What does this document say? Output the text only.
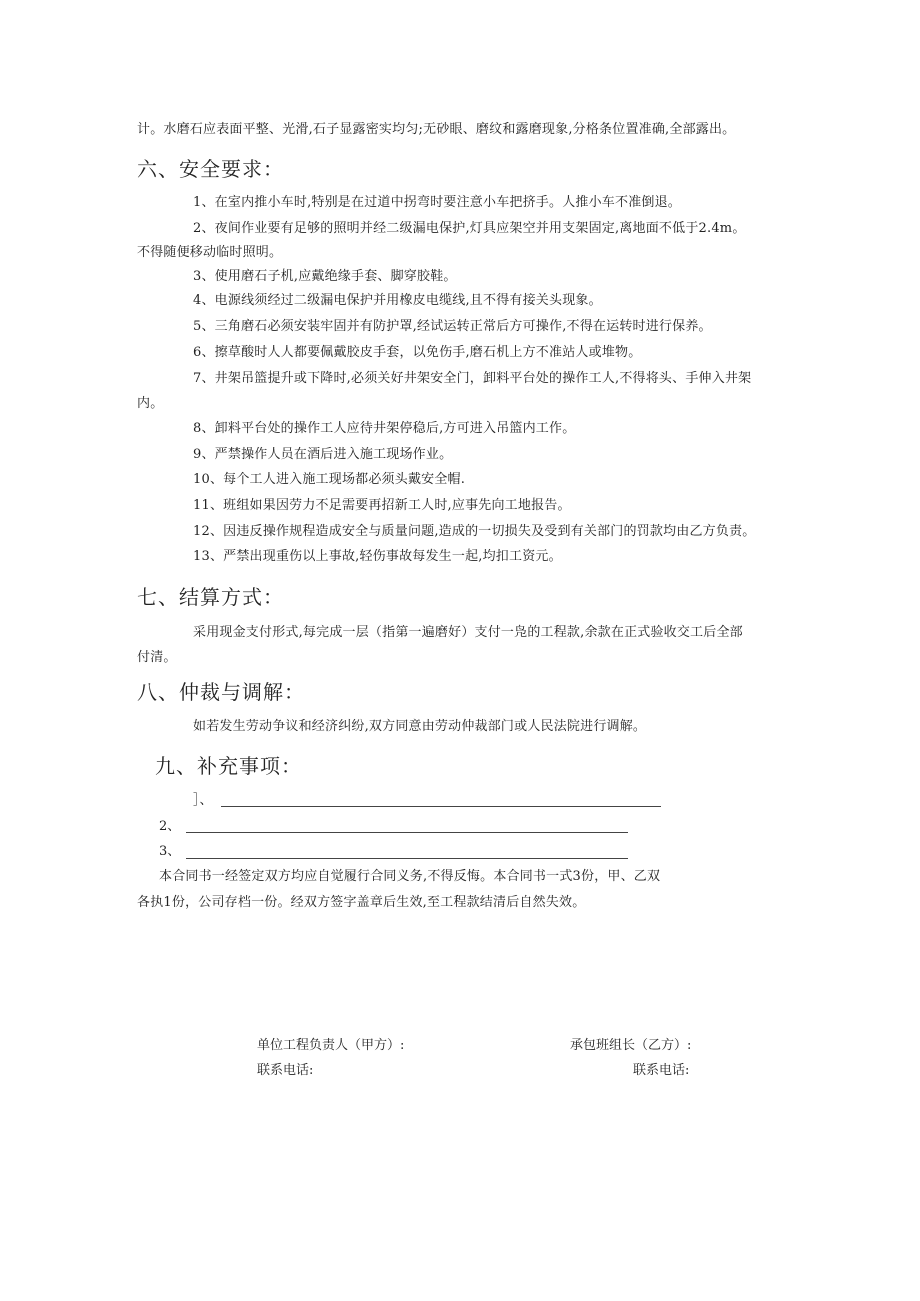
计。水磨石应表面平整、光滑,石子显露密实均匀;无砂眼、磨纹和露磨现象,分格条位置准确,全部露出。
六、安全要求：
1、在室内推小车时,特别是在过道中拐弯时要注意小车把挤手。人推小车不准倒退。
2、夜间作业要有足够的照明并经二级漏电保护,灯具应架空并用支架固定,离地面不低于2.4m。
不得随便移动临时照明。
3、使用磨石子机,应戴绝缘手套、脚穿胶鞋。
4、电源线须经过二级漏电保护并用橡皮电缆线,且不得有接关头现象。
5、三角磨石必须安装牢固并有防护罩,经试运转正常后方可操作,不得在运转时进行保养。
6、擦草酸时人人都要佩戴胶皮手套，以免伤手,磨石机上方不准站人或堆物。
7、井架吊篮提升或下降时,必须关好井架安全门，卸料平台处的操作工人,不得将头、手伸入井架
内。
8、卸料平台处的操作工人应待井架停稳后,方可进入吊篮内工作。
9、严禁操作人员在酒后进入施工现场作业。
10、每个工人进入施工现场都必须头戴安全帽.
11、班组如果因劳力不足需要再招新工人时,应事先向工地报告。
12、因违反操作规程造成安全与质量问题,造成的一切损失及受到有关部门的罚款均由乙方负责。
13、严禁出现重伤以上事故,轻伤事故每发生一起,均扣工资元。
七、结算方式：
采用现金支付形式,每完成一层（指第一遍磨好）支付一凫的工程款,余款在正式验收交工后全部
付清。
八、仲裁与调解：
如若发生劳动争议和经济纠纷,双方同意由劳动仲裁部门或人民法院进行调解。
九、补充事项：
］、
2、
3、
本合同书一经签定双方均应自觉履行合同义务,不得反悔。本合同书一式3份，甲、乙双
各执1份，公司存档一份。经双方签字盖章后生效,至工程款结清后自然失效。
单位工程负责人（甲方）:
联系电话:
承包班组长（乙方）:
联系电话:
